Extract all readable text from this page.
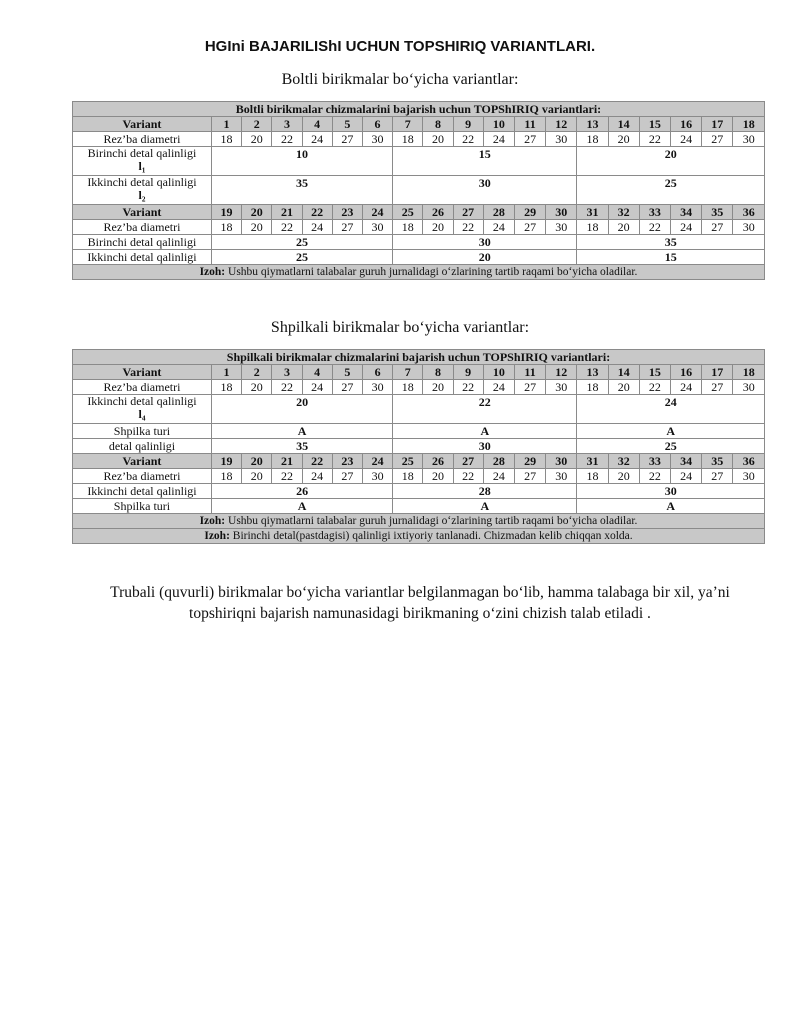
HGIni BAJARILIShI UCHUN TOPSHIRIQ VARIANTLARI.
Boltli birikmalar bo‘yicha variantlar:
Boltli birikmalar chizmalarini bajarish uchun TOPShIRIQ variantlari:																		
Variant	1	2	3	4	5	6	7	8	9	10	11	12	13	14	15	16	17	18
Rez’ba diametri	18	20	22	24	27	30	18	20	22	24	27	30	18	20	22	24	27	30
Birinchi detal qalinligi
l₁	10						15						20					
Ikkinchi detal qalinligi
l₂	35						30						25					
Variant	19	20	21	22	23	24	25	26	27	28	29	30	31	32	33	34	35	36
Rez’ba diametri	18	20	22	24	27	30	18	20	22	24	27	30	18	20	22	24	27	30
Birinchi detal qalinligi	25						30						35					
Ikkinchi detal qalinligi	25						20						15					
Izoh: Ushbu qiymatlarni talabalar guruh jurnalidagi o‘zlarining tartib raqami bo‘yicha oladilar.																		
Shpilkali birikmalar bo‘yicha variantlar:
Shpilkali birikmalar chizmalarini bajarish uchun TOPShIRIQ variantlari:																		
Variant	1	2	3	4	5	6	7	8	9	10	11	12	13	14	15	16	17	18
Rez’ba diametri	18	20	22	24	27	30	18	20	22	24	27	30	18	20	22	24	27	30
Ikkinchi detal qalinligi
l₄	20						22						24					
Shpilka turi	A						A						A					
detal qalinligi	35						30						25					
Variant	19	20	21	22	23	24	25	26	27	28	29	30	31	32	33	34	35	36
Rez’ba diametri	18	20	22	24	27	30	18	20	22	24	27	30	18	20	22	24	27	30
Ikkinchi detal qalinligi	26						28						30					
Shpilka turi	A						A						A					
Izoh: Ushbu qiymatlarni talabalar guruh jurnalidagi o‘zlarining tartib raqami bo‘yicha oladilar.																		
Izoh: Birinchi detal(pastdagisi) qalinligi ixtiyoriy tanlanadi. Chizmadan kelib chiqqan xolda.																		
Trubali (quvurli) birikmalar bo‘yicha variantlar belgilanmagan bo‘lib, hamma talabaga bir xil, ya’ni topshiriqni bajarish namunasidagi birikmaning o‘zini chizish talab etiladi .
